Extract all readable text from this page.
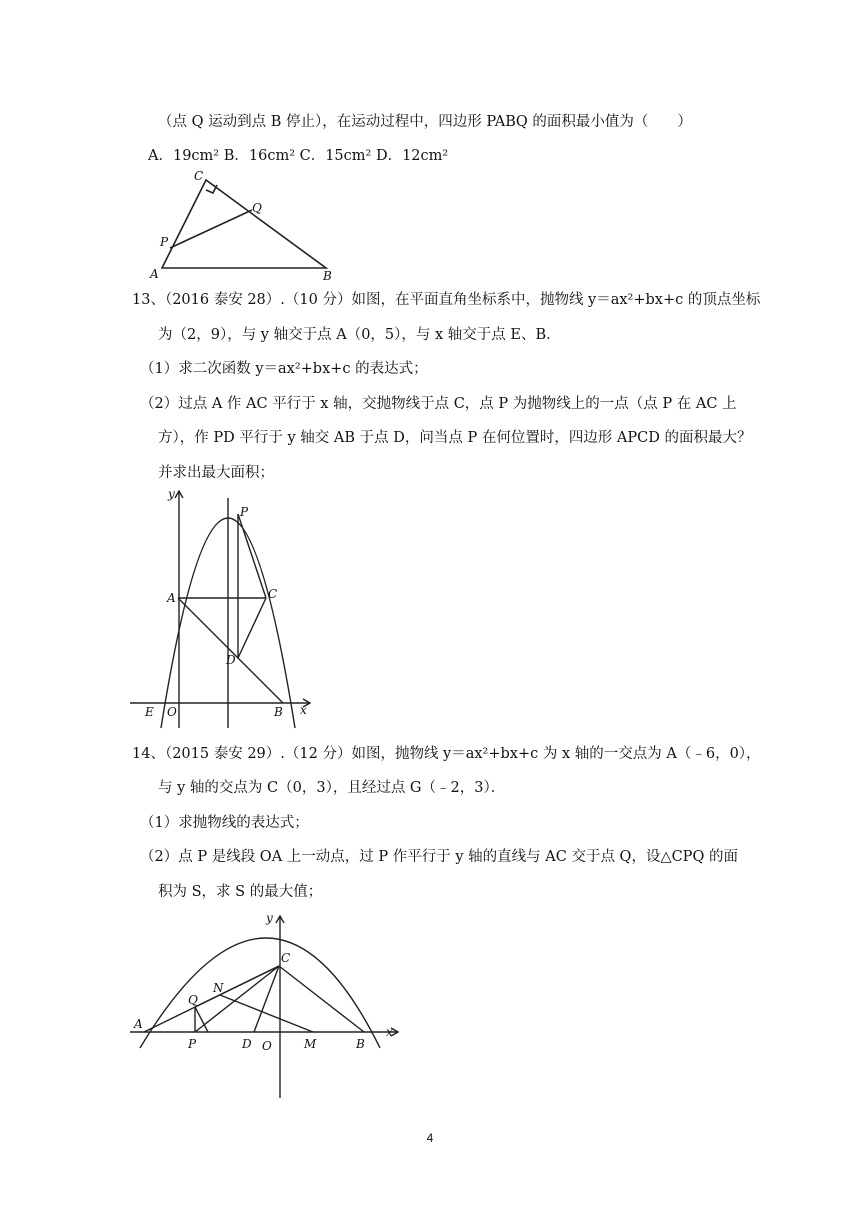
（点 Q 运动到点 B 停止），在运动过程中，四边形 PABQ 的面积最小值为（　　）
A．19cm² B．16cm² C．15cm² D．12cm²
C
Q
P
A	B
13、（2016 泰安 28）.（10 分）如图，在平面直角坐标系中，抛物线 y＝ax²+bx+c 的顶点坐标
为（2，9），与 y 轴交于点 A（0，5），与 x 轴交于点 E、B．
（1）求二次函数 y＝ax²+bx+c 的表达式；
（2）过点 A 作 AC 平行于 x 轴，交抛物线于点 C，点 P 为抛物线上的一点（点 P 在 AC 上
方），作 PD 平行于 y 轴交 AB 于点 D，问当点 P 在何位置时，四边形 APCD 的面积最大？
并求出最大面积；
y
P
A	C
D
E O	B x
14、（2015 泰安 29）.（12 分）如图，抛物线 y＝ax²+bx+c 为 x 轴的一交点为 A（﹣6，0），
与 y 轴的交点为 C（0，3），且经过点 G（﹣2，3）．
（1）求抛物线的表达式；
（2）点 P 是线段 OA 上一动点，过 P 作平行于 y 轴的直线与 AC 交于点 Q，设△CPQ 的面
积为 S，求 S 的最大值；
y
C
Q
N
A
P	D O	M	B
x
4
